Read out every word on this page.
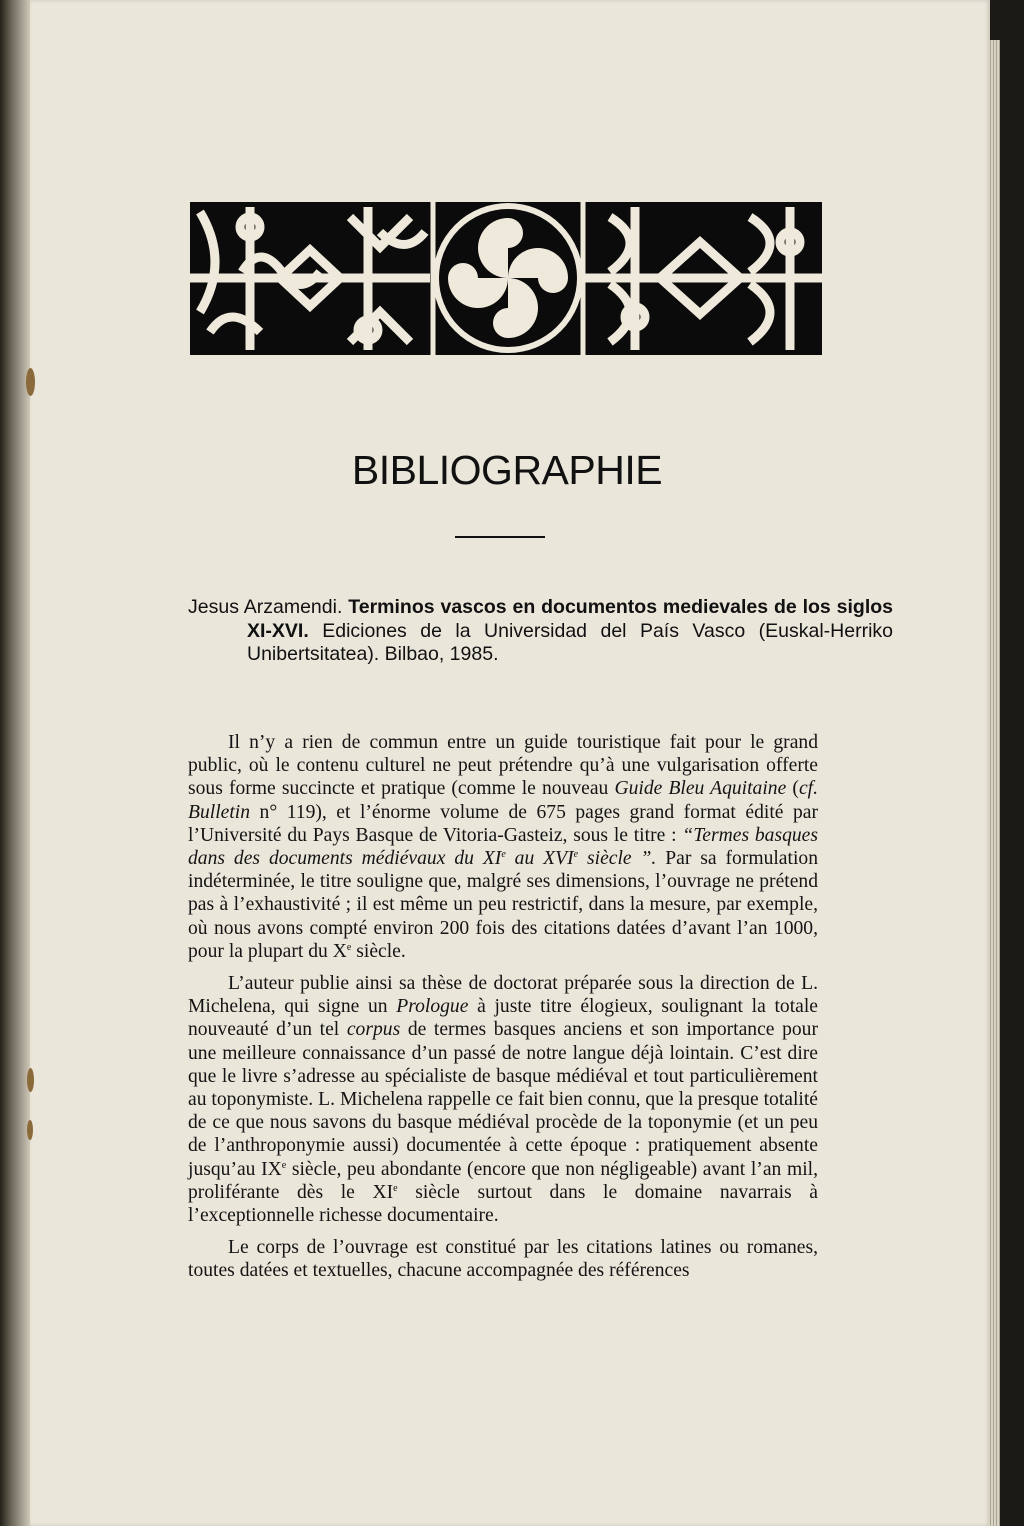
BIBLIOGRAPHIE
Jesus Arzamendi. Terminos vascos en documentos medievales de los siglos XI-XVI. Ediciones de la Universidad del País Vasco (Euskal-Herriko Unibertsitatea). Bilbao, 1985.

Il n’y a rien de commun entre un guide touristique fait pour le grand public, où le contenu culturel ne peut prétendre qu’à une vulgarisation offerte sous forme succincte et pratique (comme le nouveau Guide Bleu Aquitaine (cf. Bulletin n° 119), et l’énorme volume de 675 pages grand format édité par l’Université du Pays Basque de Vitoria-Gasteiz, sous le titre : “Termes basques dans des documents médiévaux du XIe au XVIe siècle ”. Par sa formulation indéterminée, le titre souligne que, malgré ses dimensions, l’ouvrage ne prétend pas à l’exhaustivité ; il est même un peu restrictif, dans la mesure, par exemple, où nous avons compté environ 200 fois des citations datées d’avant l’an 1000, pour la plupart du Xe siècle.

L’auteur publie ainsi sa thèse de doctorat préparée sous la direction de L. Michelena, qui signe un Prologue à juste titre élogieux, soulignant la totale nouveauté d’un tel corpus de termes basques anciens et son importance pour une meilleure connaissance d’un passé de notre langue déjà lointain. C’est dire que le livre s’adresse au spécialiste de basque médiéval et tout particulièrement au toponymiste. L. Michelena rappelle ce fait bien connu, que la presque totalité de ce que nous savons du basque médiéval procède de la toponymie (et un peu de l’anthroponymie aussi) documentée à cette époque : pratiquement absente jusqu’au IXe siècle, peu abondante (encore que non négligeable) avant l’an mil, proliférante dès le XIe siècle surtout dans le domaine navarrais à l’exceptionnelle richesse documentaire.

Le corps de l’ouvrage est constitué par les citations latines ou romanes, toutes datées et textuelles, chacune accompagnée des références
